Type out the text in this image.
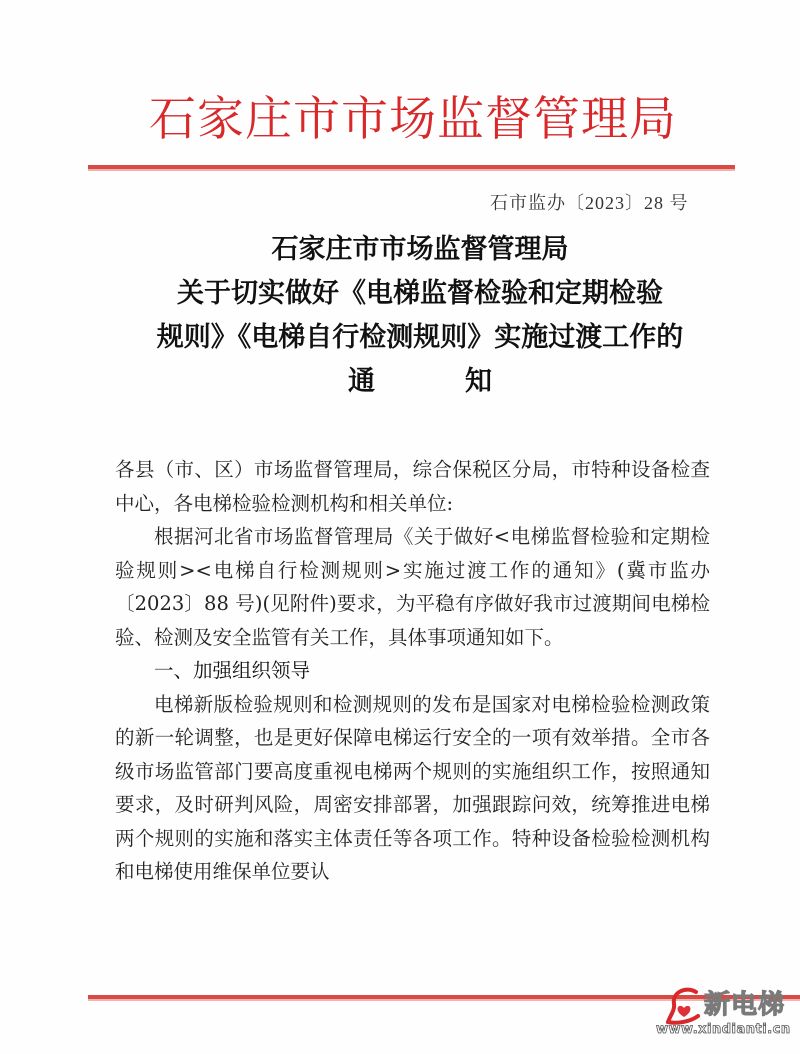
石家庄市市场监督管理局
石市监办〔2023〕28 号
石家庄市市场监督管理局
关于切实做好《电梯监督检验和定期检验
规则》《电梯自行检测规则》实施过渡工作的
通	知

各县（市、区）市场监督管理局，综合保税区分局，市特种设备检查中心，各电梯检验检测机构和相关单位:

根据河北省市场监督管理局《关于做好<电梯监督检验和定期检验规则><电梯自行检测规则>实施过渡工作的通知》(冀市监办〔2023〕88 号)(见附件)要求，为平稳有序做好我市过渡期间电梯检验、检测及安全监管有关工作，具体事项通知如下。

一、加强组织领导

电梯新版检验规则和检测规则的发布是国家对电梯检验检测政策的新一轮调整，也是更好保障电梯运行安全的一项有效举措。全市各级市场监管部门要高度重视电梯两个规则的实施组织工作，按照通知要求，及时研判风险，周密安排部署，加强跟踪问效，统筹推进电梯两个规则的实施和落实主体责任等各项工作。特种设备检验检测机构和电梯使用维保单位要认

新电梯
www.xindianti.cn
